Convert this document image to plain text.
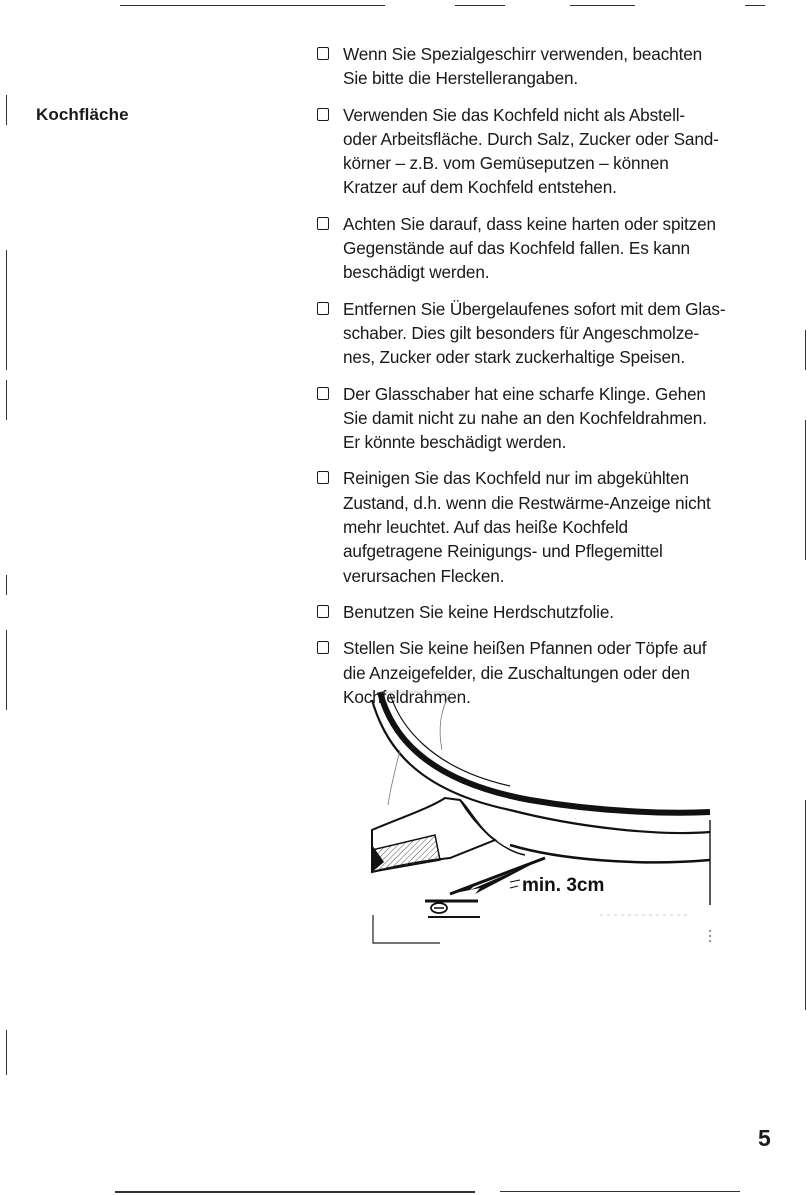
Kochfläche
Wenn Sie Spezialgeschirr verwenden, beachten
Sie bitte die Herstellerangaben.
Verwenden Sie das Kochfeld nicht als Abstell-
oder Arbeitsfläche. Durch Salz, Zucker oder Sand-
körner – z.B. vom Gemüseputzen – können
Kratzer auf dem Kochfeld entstehen.
Achten Sie darauf, dass keine harten oder spitzen
Gegenstände auf das Kochfeld fallen. Es kann
beschädigt werden.
Entfernen Sie Übergelaufenes sofort mit dem Glas-
schaber. Dies gilt besonders für Angeschmolze-
nes, Zucker oder stark zuckerhaltige Speisen.
Der Glasschaber hat eine scharfe Klinge. Gehen
Sie damit nicht zu nahe an den Kochfeldrahmen.
Er könnte beschädigt werden.
Reinigen Sie das Kochfeld nur im abgekühlten
Zustand, d.h. wenn die Restwärme-Anzeige nicht
mehr leuchtet. Auf das heiße Kochfeld
aufgetragene Reinigungs- und Pflegemittel
verursachen Flecken.
Benutzen Sie keine Herdschutzfolie.
Stellen Sie keine heißen Pfannen oder Töpfe auf
die Anzeigefelder, die Zuschaltungen oder den
Kochfeldrahmen.
min. 3cm
5
